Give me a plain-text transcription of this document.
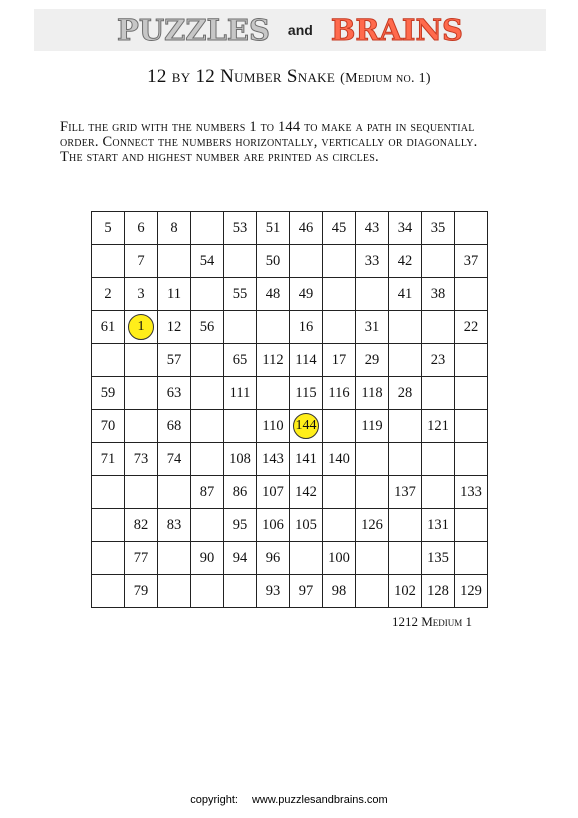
PUZZLES and BRAINS
12 by 12 Number Snake (Medium no. 1)
Fill the grid with the numbers 1 to 144 to make a path in sequential
order. Connect the numbers horizontally, vertically or diagonally.
The start and highest number are printed as circles.
5	6	8		53	51	46	45	43	34	35	
	7		54		50			33	42		37
2	3	11		55	48	49			41	38	
61	1	12	56			16		31			22
		57		65	112	114	17	29		23	
59		63		111		115	116	118	28		
70		68			110	144		119		121	
71	73	74		108	143	141	140				
			87	86	107	142			137		133
	82	83		95	106	105		126		131	
	77		90	94	96		100			135	
	79				93	97	98		102	128	129
1212 Medium 1
copyright: www.puzzlesandbrains.com
